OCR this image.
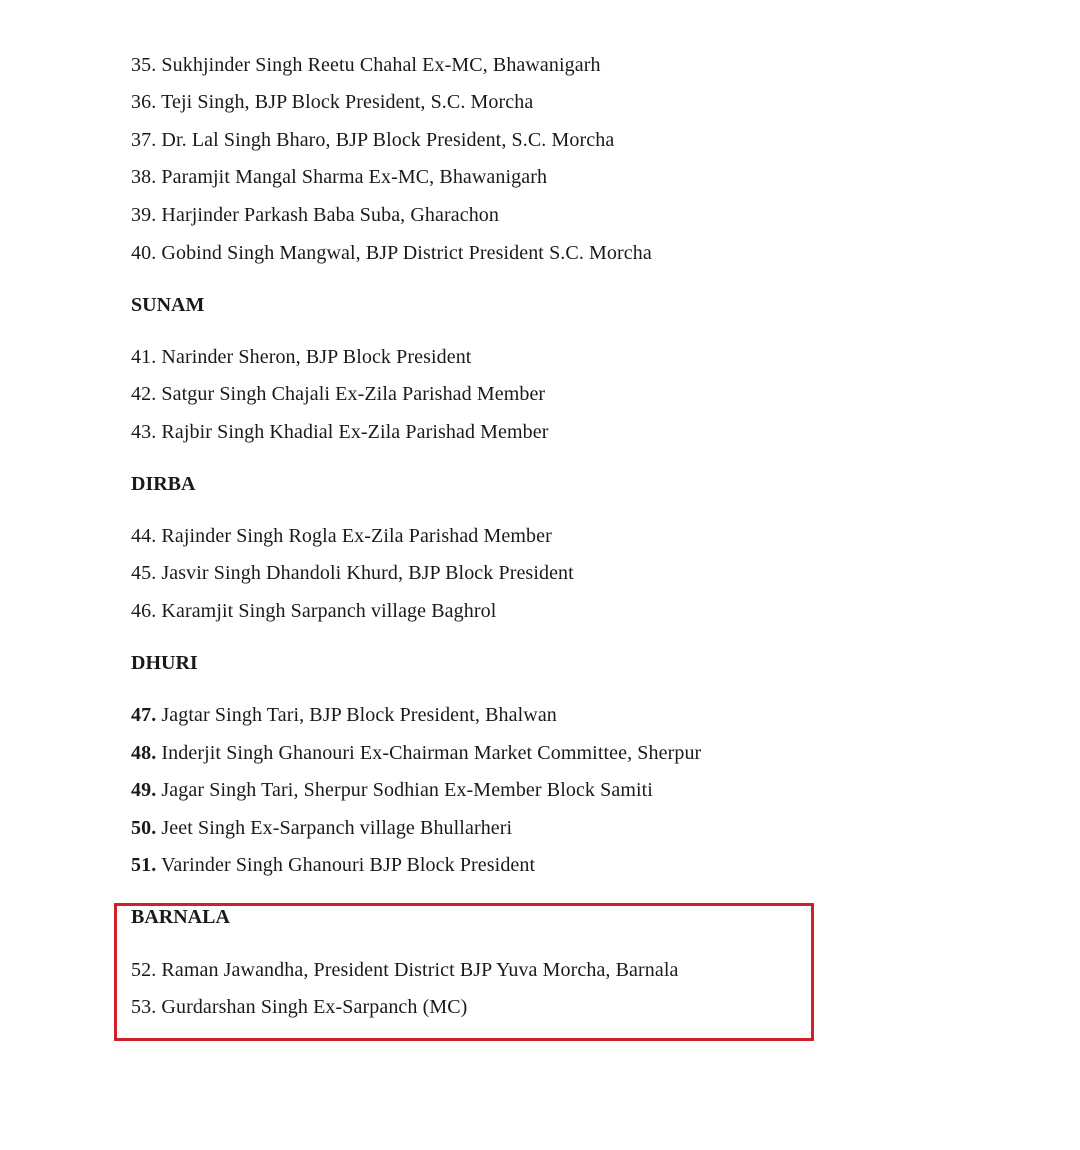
35. Sukhjinder Singh Reetu Chahal Ex-MC, Bhawanigarh
36. Teji Singh, BJP Block President, S.C. Morcha
37. Dr. Lal Singh Bharo, BJP Block President, S.C. Morcha
38. Paramjit Mangal Sharma Ex-MC, Bhawanigarh
39. Harjinder Parkash Baba Suba, Gharachon
40. Gobind Singh Mangwal, BJP District President S.C. Morcha
SUNAM
41. Narinder Sheron, BJP Block President
42. Satgur Singh Chajali Ex-Zila Parishad Member
43. Rajbir Singh Khadial Ex-Zila Parishad Member
DIRBA
44. Rajinder Singh Rogla Ex-Zila Parishad Member
45. Jasvir Singh Dhandoli Khurd, BJP Block President
46. Karamjit Singh Sarpanch village Baghrol
DHURI
47. Jagtar Singh Tari, BJP Block President, Bhalwan
48. Inderjit Singh Ghanouri Ex-Chairman Market Committee, Sherpur
49. Jagar Singh Tari, Sherpur Sodhian Ex-Member Block Samiti
50. Jeet Singh Ex-Sarpanch village Bhullarheri
51. Varinder Singh Ghanouri BJP Block President
BARNALA
52. Raman Jawandha, President District BJP Yuva Morcha, Barnala
53. Gurdarshan Singh Ex-Sarpanch (MC)
